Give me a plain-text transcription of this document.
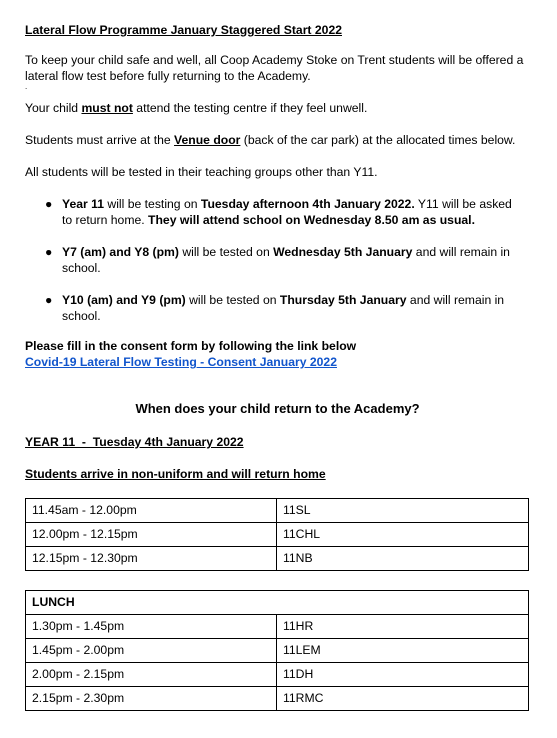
Lateral Flow Programme January Staggered Start 2022
To keep your child safe and well, all Coop Academy Stoke on Trent students will be offered a lateral flow test before fully returning to the Academy.
.
Your child must not attend the testing centre if they feel unwell.
Students must arrive at the Venue door (back of the car park) at the allocated times below.
All students will be tested in their teaching groups other than Y11.
● Year 11 will be testing on Tuesday afternoon 4th January 2022. Y11 will be asked to return home. They will attend school on Wednesday 8.50 am as usual.
● Y7 (am) and Y8 (pm) will be tested on Wednesday 5th January and will remain in school.
● Y10 (am) and Y9 (pm) will be tested on Thursday 5th January and will remain in school.
Please fill in the consent form by following the link below
Covid-19 Lateral Flow Testing - Consent January 2022
When does your child return to the Academy?
YEAR 11  -  Tuesday 4th January 2022
Students arrive in non-uniform and will return home
11.45am - 12.00pm	11SL
12.00pm - 12.15pm	11CHL
12.15pm - 12.30pm	11NB
LUNCH	
1.30pm - 1.45pm	11HR
1.45pm - 2.00pm	11LEM
2.00pm - 2.15pm	11DH
2.15pm - 2.30pm	11RMC
